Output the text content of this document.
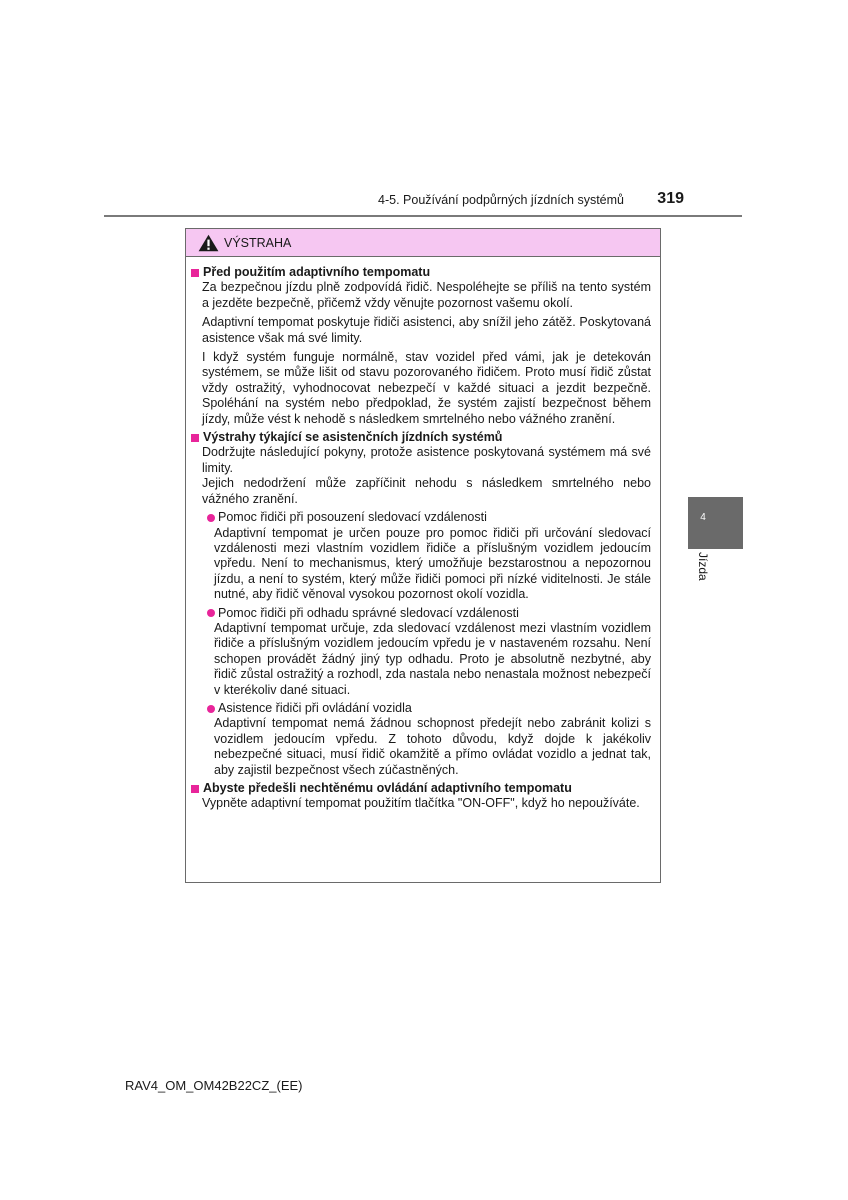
4-5. Používání podpůrných jízdních systémů	319
4
Jízda
VÝSTRAHA
Před použitím adaptivního tempomatu
Za bezpečnou jízdu plně zodpovídá řidič. Nespoléhejte se příliš na tento systém a jezděte bezpečně, přičemž vždy věnujte pozornost vašemu okolí.
Adaptivní tempomat poskytuje řidiči asistenci, aby snížil jeho zátěž. Poskytovaná asistence však má své limity.
I když systém funguje normálně, stav vozidel před vámi, jak je detekován systémem, se může lišit od stavu pozorovaného řidičem. Proto musí řidič zůstat vždy ostražitý, vyhodnocovat nebezpečí v každé situaci a jezdit bezpečně. Spoléhání na systém nebo předpoklad, že systém zajistí bezpečnost během jízdy, může vést k nehodě s následkem smrtelného nebo vážného zranění.
Výstrahy týkající se asistenčních jízdních systémů
Dodržujte následující pokyny, protože asistence poskytovaná systémem má své limity.
Jejich nedodržení může zapříčinit nehodu s následkem smrtelného nebo vážného zranění.
Pomoc řidiči při posouzení sledovací vzdálenosti
Adaptivní tempomat je určen pouze pro pomoc řidiči při určování sledovací vzdálenosti mezi vlastním vozidlem řidiče a příslušným vozidlem jedoucím vpředu. Není to mechanismus, který umožňuje bezstarostnou a nepozornou jízdu, a není to systém, který může řidiči pomoci při nízké viditelnosti. Je stále nutné, aby řidič věnoval vysokou pozornost okolí vozidla.
Pomoc řidiči při odhadu správné sledovací vzdálenosti
Adaptivní tempomat určuje, zda sledovací vzdálenost mezi vlastním vozidlem řidiče a příslušným vozidlem jedoucím vpředu je v nastaveném rozsahu. Není schopen provádět žádný jiný typ odhadu. Proto je absolutně nezbytné, aby řidič zůstal ostražitý a rozhodl, zda nastala nebo nenastala možnost nebezpečí v kterékoliv dané situaci.
Asistence řidiči při ovládání vozidla
Adaptivní tempomat nemá žádnou schopnost předejít nebo zabránit kolizi s vozidlem jedoucím vpředu. Z tohoto důvodu, když dojde k jakékoliv nebezpečné situaci, musí řidič okamžitě a přímo ovládat vozidlo a jednat tak, aby zajistil bezpečnost všech zúčastněných.
Abyste předešli nechtěnému ovládání adaptivního tempomatu
Vypněte adaptivní tempomat použitím tlačítka "ON-OFF", když ho nepoužíváte.
RAV4_OM_OM42B22CZ_(EE)
